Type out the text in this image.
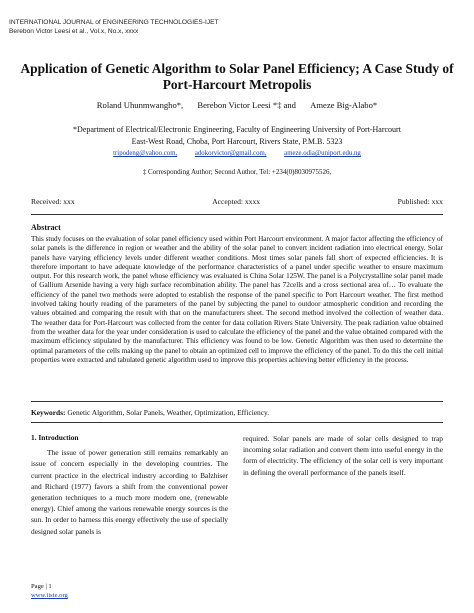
INTERNATIONAL JOURNAL of ENGINEERING TECHNOLOGIES-IJET
Berebon Victor Leesi et al., Vol.x, No.x, xxxx
Application of Genetic Algorithm to Solar Panel Efficiency; A Case Study of Port-Harcourt Metropolis
Roland Uhunmwangho*, Berebon Victor Leesi *‡ and Ameze Big-Alabo*
*Department of Electrical/Electronic Engineering, Faculty of Engineering University of Port-Harcourt
East-West Road, Choba, Port Harcourt, Rivers State, P.M.B. 5323
tripodeng@yahoo.com,	adokorvictor@gmail.com,	ameze.odia@uniport.edu.ng
‡ Corresponding Author; Second Author, Tel: +234(0)8030975526,
Received: xxx	Accepted: xxxx	Published: xxx
Abstract
This study focuses on the evaluation of solar panel efficiency used within Port Harcourt environment. A major factor affecting the efficiency of solar panels is the difference in region or weather and the ability of the solar panel to convert incident radiation into electrical energy. Solar panels have varying efficiency levels under different weather conditions. Most times solar panels fall short of expected efficiencies. It is therefore important to have adequate knowledge of the performance characteristics of a panel under specific weather to ensure maximum output. For this research work, the panel whose efficiency was evaluated is China Solar 125W. The panel is a Polycrystalline solar panel made of Gallium Arsenide having a very high surface recombination ability. The panel has 72cells and a cross sectional area of… To evaluate the efficiency of the panel two methods were adopted to establish the response of the panel specific to Port Harcourt weather. The first method involved taking hourly reading of the parameters of the panel by subjecting the panel to outdoor atmospheric condition and recording the values obtained and comparing the result with that on the manufacturers sheet. The second method involved the collection of weather data. The weather data for Port-Harcourt was collected from the center for data collation Rivers State University. The peak radiation value obtained from the weather data for the year under consideration is used to calculate the efficiency of the panel and the value obtained compared with the maximum efficiency stipulated by the manufacturer. This efficiency was found to be low. Genetic Algorithm was then used to determine the optimal parameters of the cells making up the panel to obtain an optimized cell to improve the efficiency of the panel. To do this the cell initial properties were extracted and tabulated genetic algorithm used to improve this properties achieving better efficiency in the process.
Keywords: Genetic Algorithm, Solar Panels, Weather, Optimization, Efficiency.
1. Introduction

The issue of power generation still remains remarkably an issue of concern especially in the developing countries. The current practice in the electrical industry according to Balzhiser and Richard (1977) favors a shift from the conventional power generation techniques to a much more modern one, (renewable energy). Chief among the various renewable energy sources is the sun. In order to harness this energy effectively the use of specially designed solar panels is

required. Solar panels are made of solar cells designed to trap incoming solar radiation and convert them into useful energy in the form of electricity. The efficiency of the solar cell is very important in defining the overall performance of the panels itself.

Page | 1
www.iiste.org
